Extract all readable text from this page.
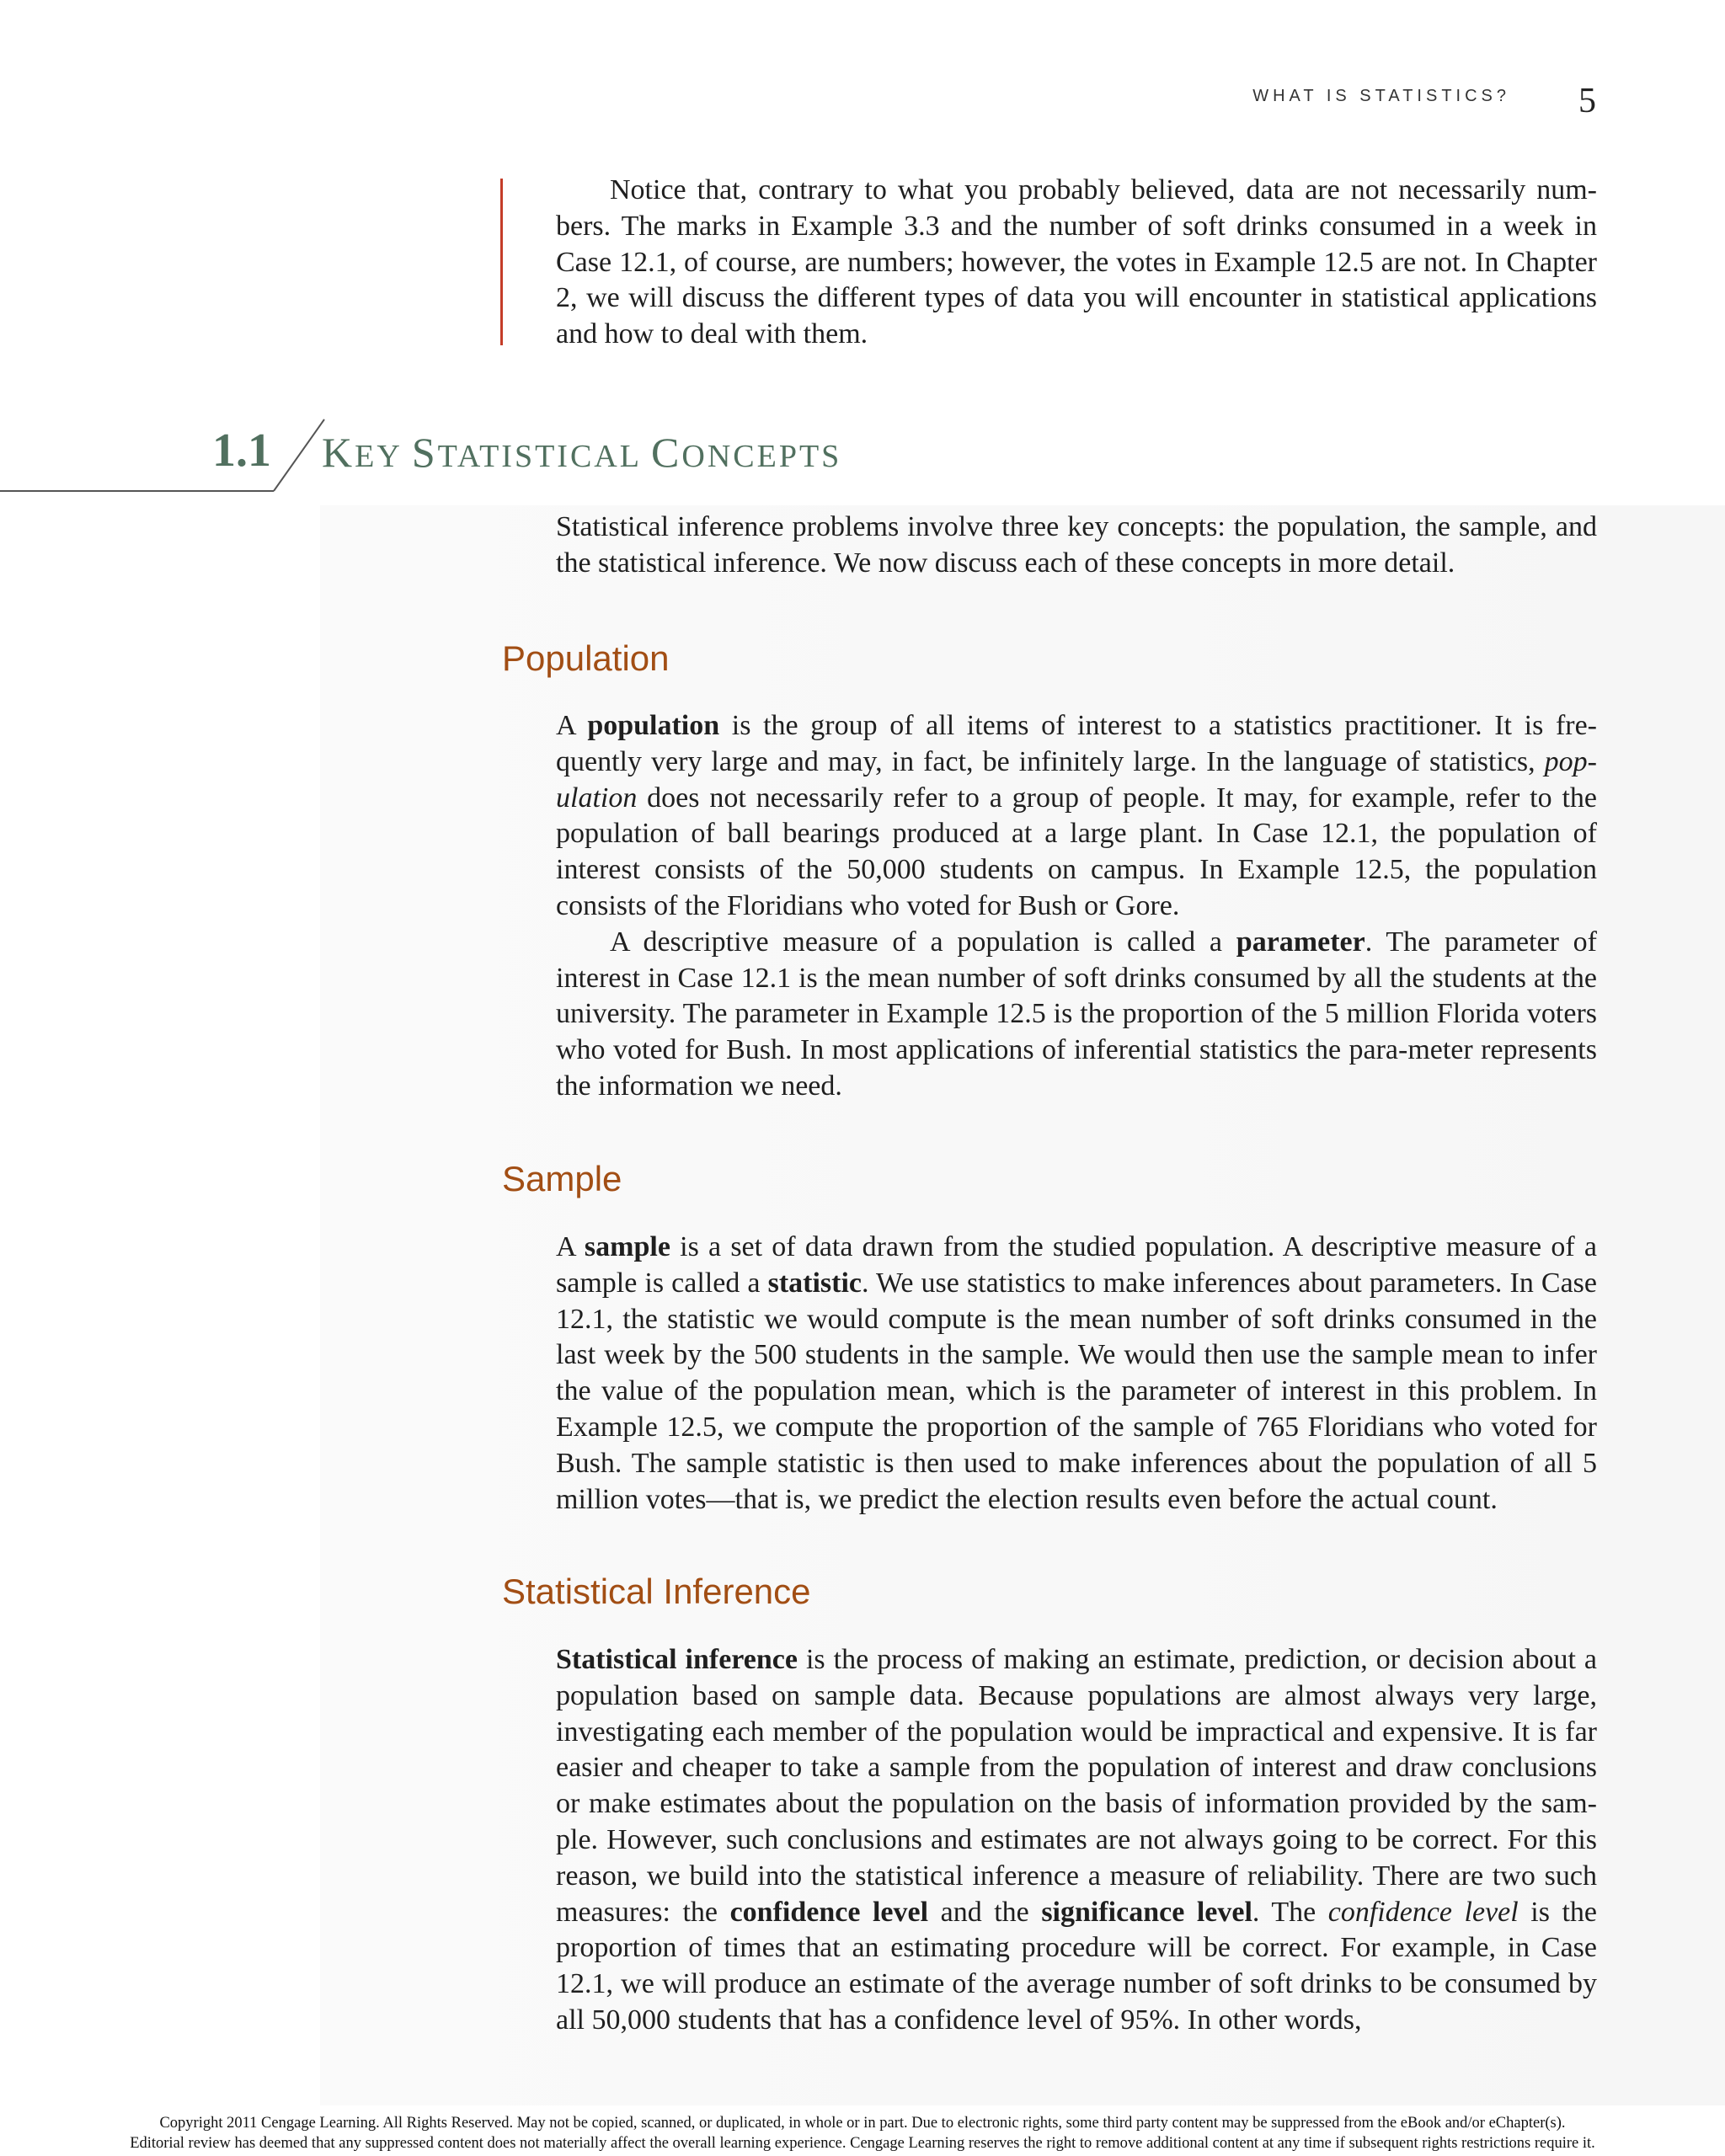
WHAT IS STATISTICS? 5

Notice that, contrary to what you probably believed, data are not necessarily num-bers. The marks in Example 3.3 and the number of soft drinks consumed in a week in Case 12.1, of course, are numbers; however, the votes in Example 12.5 are not. In Chapter 2, we will discuss the different types of data you will encounter in statistical applications and how to deal with them.

1.1 KEY STATISTICAL CONCEPTS

Statistical inference problems involve three key concepts: the population, the sample, and the statistical inference. We now discuss each of these concepts in more detail.

Population

A population is the group of all items of interest to a statistics practitioner. It is fre-quently very large and may, in fact, be infinitely large. In the language of statistics, pop-ulation does not necessarily refer to a group of people. It may, for example, refer to the population of ball bearings produced at a large plant. In Case 12.1, the population of interest consists of the 50,000 students on campus. In Example 12.5, the population consists of the Floridians who voted for Bush or Gore.

A descriptive measure of a population is called a parameter. The parameter of interest in Case 12.1 is the mean number of soft drinks consumed by all the students at the university. The parameter in Example 12.5 is the proportion of the 5 million Florida voters who voted for Bush. In most applications of inferential statistics the para-meter represents the information we need.

Sample

A sample is a set of data drawn from the studied population. A descriptive measure of a sample is called a statistic. We use statistics to make inferences about parameters. In Case 12.1, the statistic we would compute is the mean number of soft drinks consumed in the last week by the 500 students in the sample. We would then use the sample mean to infer the value of the population mean, which is the parameter of interest in this problem. In Example 12.5, we compute the proportion of the sample of 765 Floridians who voted for Bush. The sample statistic is then used to make inferences about the population of all 5 million votes—that is, we predict the election results even before the actual count.

Statistical Inference

Statistical inference is the process of making an estimate, prediction, or decision about a population based on sample data. Because populations are almost always very large, investigating each member of the population would be impractical and expensive. It is far easier and cheaper to take a sample from the population of interest and draw conclusions or make estimates about the population on the basis of information provided by the sam-ple. However, such conclusions and estimates are not always going to be correct. For this reason, we build into the statistical inference a measure of reliability. There are two such measures: the confidence level and the significance level. The confidence level is the proportion of times that an estimating procedure will be correct. For example, in Case 12.1, we will produce an estimate of the average number of soft drinks to be consumed by all 50,000 students that has a confidence level of 95%. In other words,

Copyright 2011 Cengage Learning. All Rights Reserved. May not be copied, scanned, or duplicated, in whole or in part. Due to electronic rights, some third party content may be suppressed from the eBook and/or eChapter(s).
Editorial review has deemed that any suppressed content does not materially affect the overall learning experience. Cengage Learning reserves the right to remove additional content at any time if subsequent rights restrictions require it.
